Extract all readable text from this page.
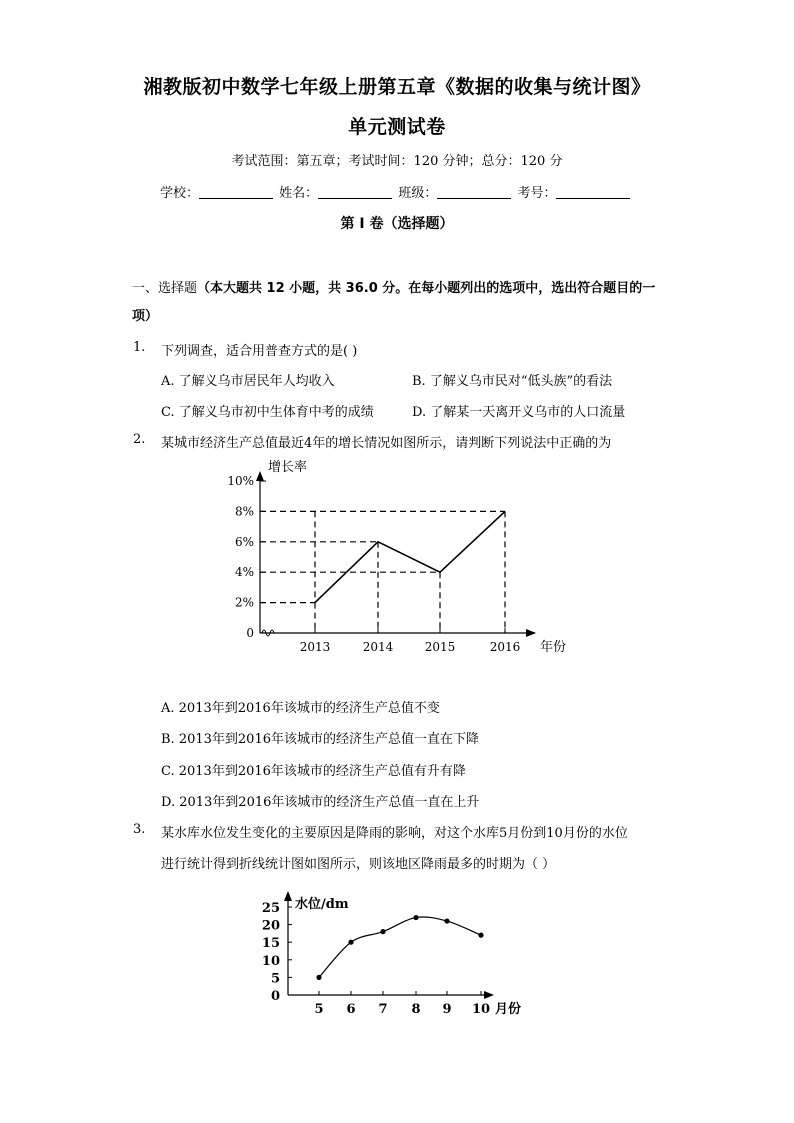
湘教版初中数学七年级上册第五章《数据的收集与统计图》
单元测试卷
考试范围：第五章；考试时间：120 分钟；总分：120 分
学校：	姓名：	班级：	考号：
第 I 卷（选择题）
一、选择题（本大题共 12 小题，共 36.0 分。在每小题列出的选项中，选出符合题目的一项）
1. 下列调查，适合用普查方式的是( )
A. 了解义乌市居民年人均收入	B. 了解义乌市民对“低头族”的看法
C. 了解义乌市初中生体育中考的成绩	D. 了解某一天离开义乌市的人口流量
2. 某城市经济生产总值最近4年的增长情况如图所示，请判断下列说法中正确的为
增长率
年份
0
2%
4%
6%
8%
10%
2013	2014	2015	2016
A. 2013年到2016年该城市的经济生产总值不变
B. 2013年到2016年该城市的经济生产总值一直在下降
C. 2013年到2016年该城市的经济生产总值有升有降
D. 2013年到2016年该城市的经济生产总值一直在上升
3. 某水库水位发生变化的主要原因是降雨的影响，对这个水库5月份到10月份的水位
进行统计得到折线统计图如图所示，则该地区降雨最多的时期为（ ）
水位/dm
月份
0
5
10
15
20
25
5 6 7 8 9 10
